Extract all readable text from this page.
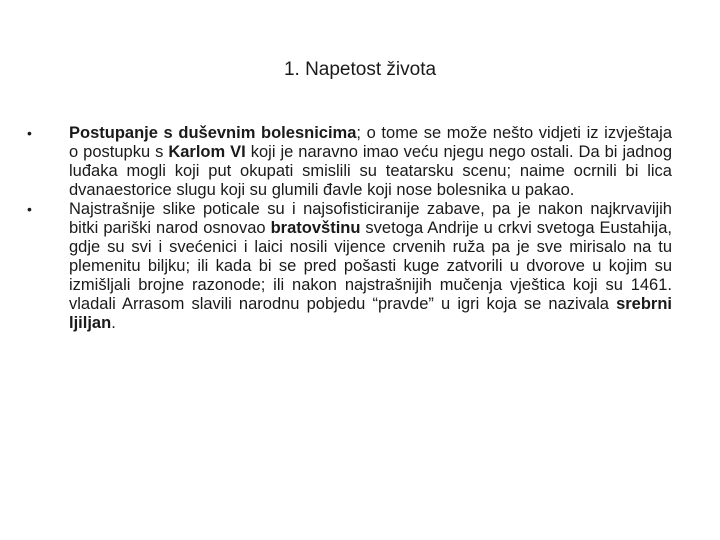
1. Napetost života
• Postupanje s duševnim bolesnicima; o tome se može nešto vidjeti iz izvještaja o postupku s Karlom VI koji je naravno imao veću njegu nego ostali. Da bi jadnog luđaka mogli koji put okupati smislili su teatarsku scenu; naime ocrnili bi lica dvanaestorice slugu koji su glumili đavle koji nose bolesnika u pakao.
• Najstrašnije slike poticale su i najsofisticiranije zabave, pa je nakon najkrvavijih bitki pariški narod osnovao bratovštinu svetoga Andrije u crkvi svetoga Eustahija, gdje su svi i svećenici i laici nosili vijence crvenih ruža pa je sve mirisalo na tu plemenitu biljku; ili kada bi se pred pošasti kuge zatvorili u dvorove u kojim su izmišljali brojne razonode; ili nakon najstrašnijih mučenja vještica koji su 1461. vladali Arrasom slavili narodnu pobjedu “pravde” u igri koja se nazivala srebrni ljiljan.
